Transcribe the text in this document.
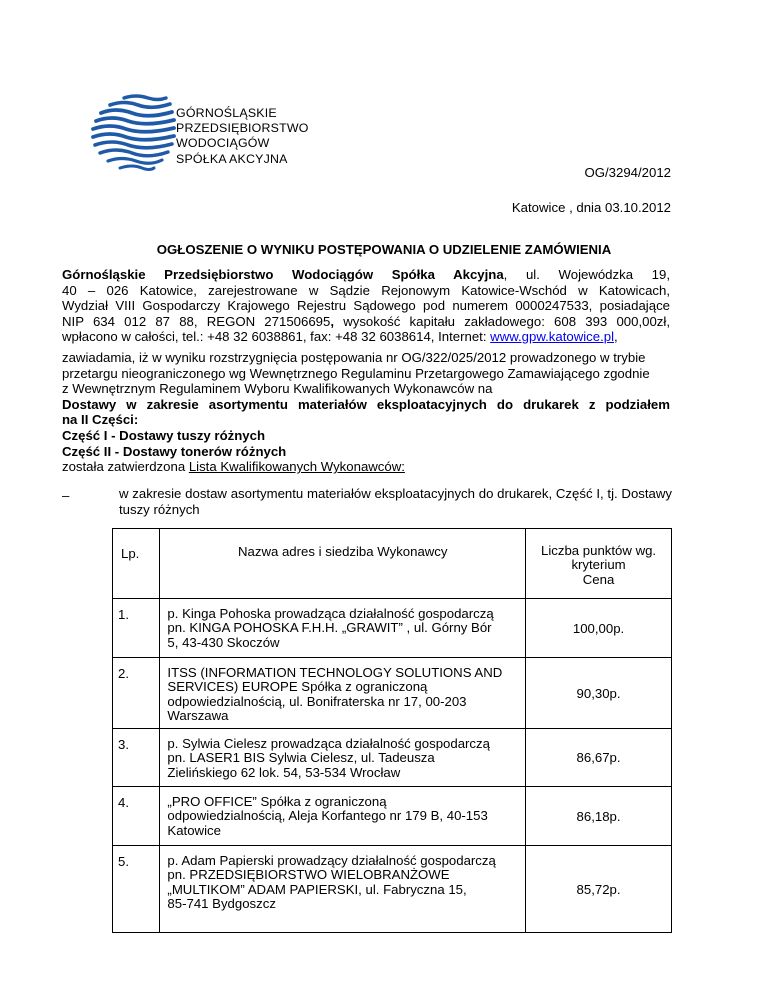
GÓRNOŚLĄSKIE
PRZEDSIĘBIORSTWO
WODOCIĄGÓW
SPÓŁKA AKCYJNA
OG/3294/2012
Katowice , dnia 03.10.2012
OGŁOSZENIE O WYNIKU POSTĘPOWANIA O UDZIELENIE ZAMÓWIENIA
Górnośląskie Przedsiębiorstwo Wodociągów Spółka Akcyjna, ul. Wojewódzka 19,
40 – 026 Katowice, zarejestrowane w Sądzie Rejonowym Katowice-Wschód w Katowicach,
Wydział VIII Gospodarczy Krajowego Rejestru Sądowego pod numerem 0000247533, posiadające
NIP 634 012 87 88, REGON 271506695, wysokość kapitału zakładowego: 608 393 000,00zł,
wpłacono w całości, tel.: +48 32 6038861, fax: +48 32 6038614, Internet: www.gpw.katowice.pl,
zawiadamia, iż w wyniku rozstrzygnięcia postępowania nr OG/322/025/2012 prowadzonego w trybie
przetargu nieograniczonego wg Wewnętrznego Regulaminu Przetargowego Zamawiającego zgodnie
z Wewnętrznym Regulaminem Wyboru Kwalifikowanych Wykonawców na
Dostawy w zakresie asortymentu materiałów eksploatacyjnych do drukarek z podziałem
na II Części:
Część I - Dostawy tuszy różnych
Część II - Dostawy tonerów różnych
została zatwierdzona Lista Kwalifikowanych Wykonawców:
–	w zakresie dostaw asortymentu materiałów eksploatacyjnych do drukarek, Część I, tj. Dostawy
tuszy różnych
Lp.	Nazwa adres i siedziba Wykonawcy	Liczba punktów wg.
kryterium
Cena

1.	p. Kinga Pohoska prowadząca działalność gospodarczą
pn. KINGA POHOSKA F.H.H. „GRAWIT” , ul. Górny Bór
5, 43-430 Skoczów	100,00p.
2.	ITSS (INFORMATION TECHNOLOGY SOLUTIONS AND
SERVICES) EUROPE Spółka z ograniczoną
odpowiedzialnością, ul. Bonifraterska nr 17, 00-203
Warszawa	90,30p.
3.	p. Sylwia Cielesz prowadząca działalność gospodarczą
pn. LASER1 BIS Sylwia Cielesz, ul. Tadeusza
Zielińskiego 62 lok. 54, 53-534 Wrocław	86,67p.
4.	„PRO OFFICE” Spółka z ograniczoną
odpowiedzialnością, Aleja Korfantego nr 179 B, 40-153
Katowice	86,18p.
5.	p. Adam Papierski prowadzący działalność gospodarczą
pn. PRZEDSIĘBIORSTWO WIELOBRANŻOWE
„MULTIKOM” ADAM PAPIERSKI, ul. Fabryczna 15,
85-741 Bydgoszcz	85,72p.
